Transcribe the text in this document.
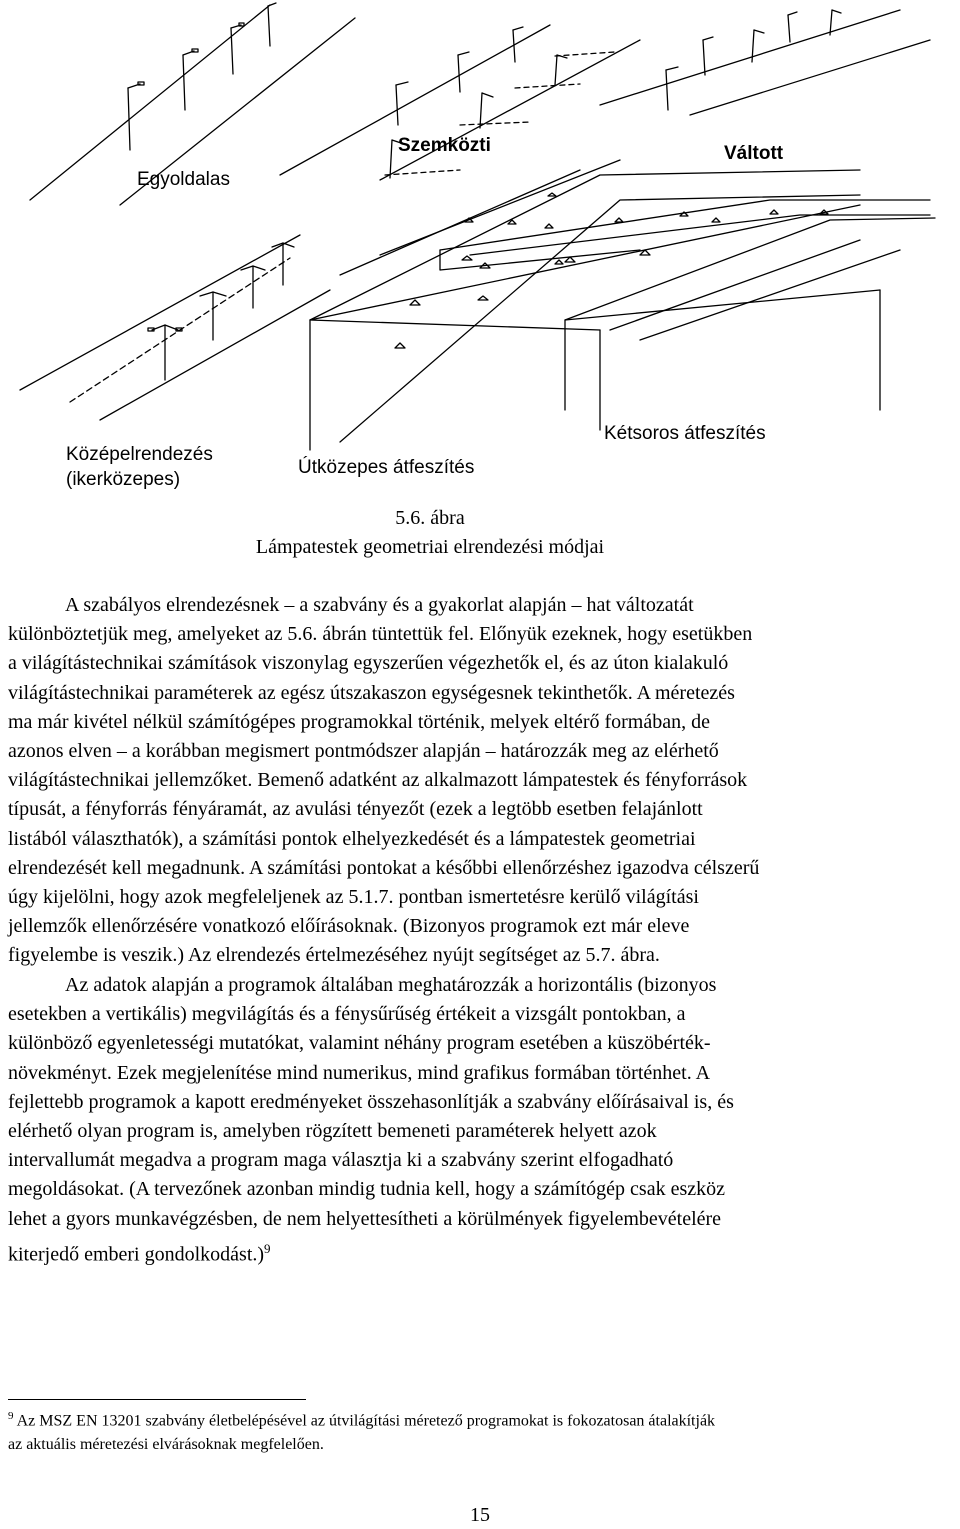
Egyoldalas
Szemközti	Váltott
Középelrendezés
(ikerközepes)
Útközepes átfeszítés
Kétsoros átfeszítés
5.6. ábra
Lámpatestek geometriai elrendezési módjai
A szabályos elrendezésnek – a szabvány és a gyakorlat alapján – hat változatát
különböztetjük meg, amelyeket az 5.6. ábrán tüntettük fel. Előnyük ezeknek, hogy esetükben
a világítástechnikai számítások viszonylag egyszerűen végezhetők el, és az úton kialakuló
világítástechnikai paraméterek az egész útszakaszon egységesnek tekinthetők. A méretezés
ma már kivétel nélkül számítógépes programokkal történik, melyek eltérő formában, de
azonos elven – a korábban megismert pontmódszer alapján – határozzák meg az elérhető
világítástechnikai jellemzőket. Bemenő adatként az alkalmazott lámpatestek és fényforrások
típusát, a fényforrás fényáramát, az avulási tényezőt (ezek a legtöbb esetben felajánlott
listából választhatók), a számítási pontok elhelyezkedését és a lámpatestek geometriai
elrendezését kell megadnunk. A számítási pontokat a későbbi ellenőrzéshez igazodva célszerű
úgy kijelölni, hogy azok megfeleljenek az 5.1.7. pontban ismertetésre kerülő világítási
jellemzők ellenőrzésére vonatkozó előírásoknak. (Bizonyos programok ezt már eleve
figyelembe is veszik.) Az elrendezés értelmezéséhez nyújt segítséget az 5.7. ábra.
Az adatok alapján a programok általában meghatározzák a horizontális (bizonyos
esetekben a vertikális) megvilágítás és a fénysűrűség értékeit a vizsgált pontokban, a
különböző egyenletességi mutatókat, valamint néhány program esetében a küszöbérték-
növekményt. Ezek megjelenítése mind numerikus, mind grafikus formában történhet. A
fejlettebb programok a kapott eredményeket összehasonlítják a szabvány előírásaival is, és
elérhető olyan program is, amelyben rögzített bemeneti paraméterek helyett azok
intervallumát megadva a program maga választja ki a szabvány szerint elfogadható
megoldásokat. (A tervezőnek azonban mindig tudnia kell, hogy a számítógép csak eszköz
lehet a gyors munkavégzésben, de nem helyettesítheti a körülmények figyelembevételére
kiterjedő emberi gondolkodást.)$^9$
$^9$ Az MSZ EN 13201 szabvány életbelépésével az útvilágítási méretező programokat is fokozatosan átalakítják
az aktuális méretezési elvárásoknak megfelelően.
15
